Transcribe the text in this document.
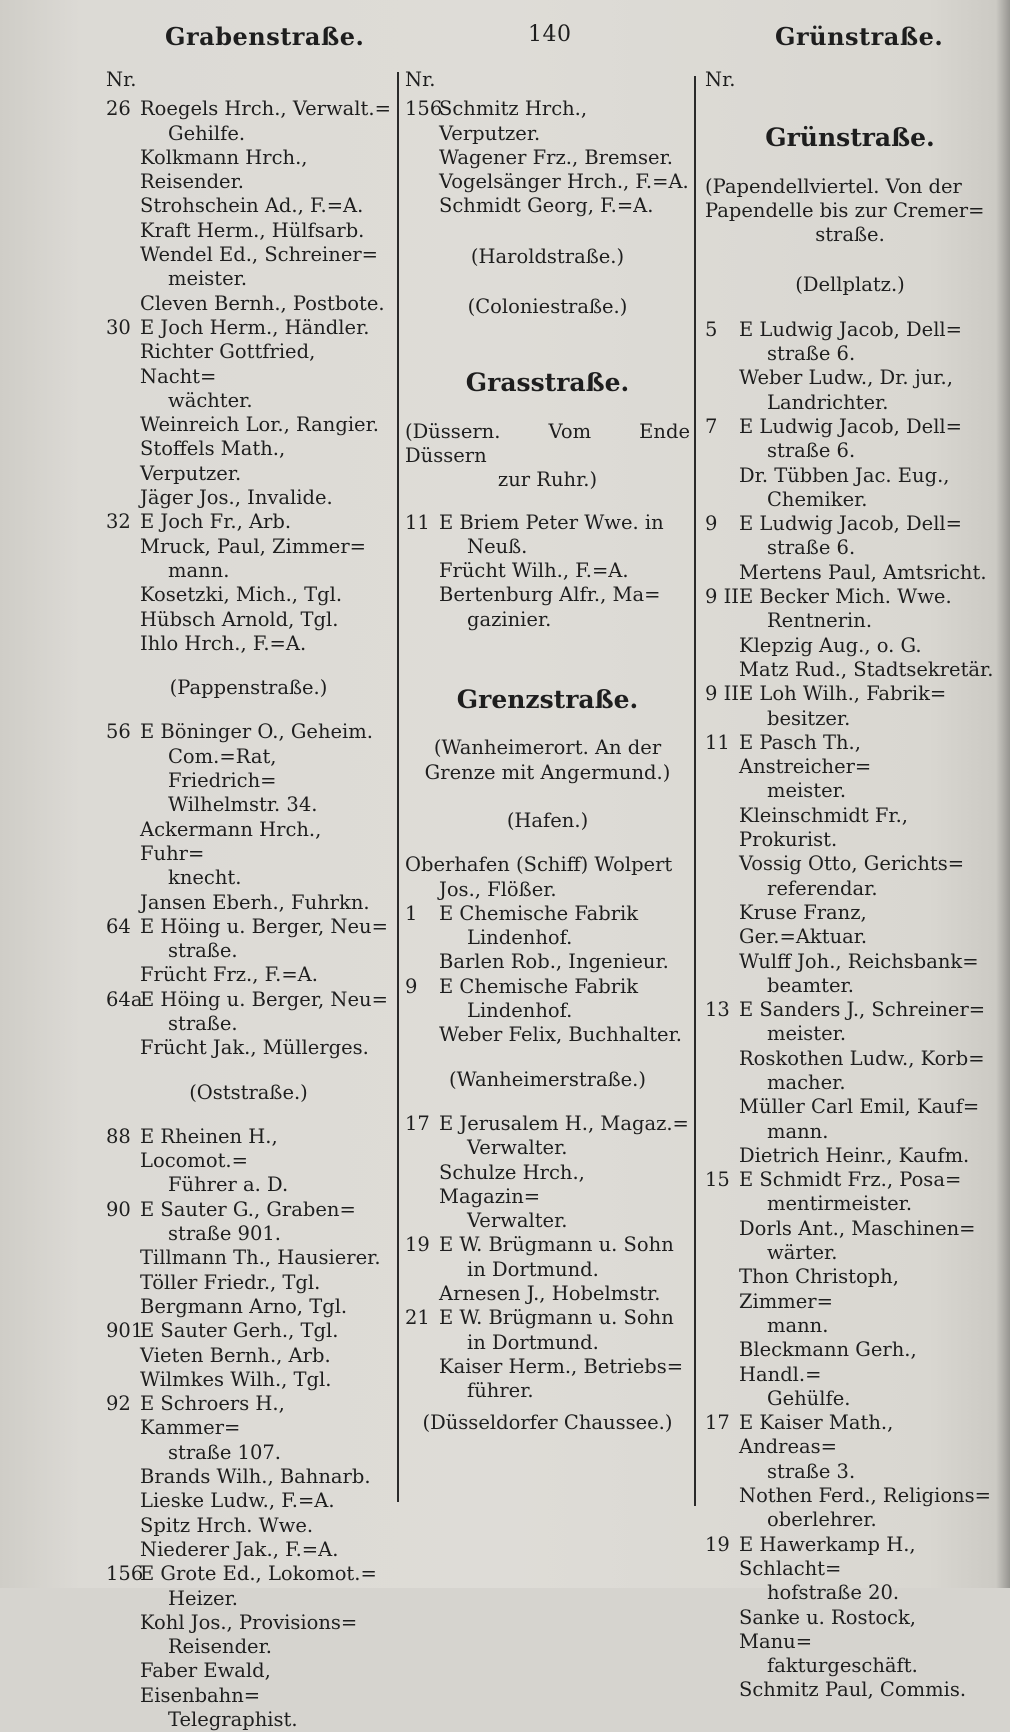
Grabenstraße.	140	Grünstraße.
Nr.
26 Roegels Hrch., Verwalt.=
Gehilfe.
Kolkmann Hrch., Reisender.
Strohschein Ad., F.=A.
Kraft Herm., Hülfsarb.
Wendel Ed., Schreiner=
meister.
Cleven Bernh., Postbote.
30 E Joch Herm., Händler.
Richter Gottfried, Nacht=
wächter.
Weinreich Lor., Rangier.
Stoffels Math., Verputzer.
Jäger Jos., Invalide.
32 E Joch Fr., Arb.
Mruck, Paul, Zimmer=
mann.
Kosetzki, Mich., Tgl.
Hübsch Arnold, Tgl.
Ihlo Hrch., F.=A.
(Pappenstraße.)
56 E Böninger O., Geheim.
Com.=Rat, Friedrich=
Wilhelmstr. 34.
Ackermann Hrch., Fuhr=
knecht.
Jansen Eberh., Fuhrkn.
64 E Höing u. Berger, Neu=
straße.
Frücht Frz., F.=A.
64a
E Höing u. Berger, Neu=
straße.
Frücht Jak., Müllerges.
(Oststraße.)
88 E Rheinen H., Locomot.=
Führer a. D.
90 E Sauter G., Graben=
straße 901.
Tillmann Th., Hausierer.
Töller Friedr., Tgl.
Bergmann Arno, Tgl.
901
E Sauter Gerh., Tgl.
Vieten Bernh., Arb.
Wilmkes Wilh., Tgl.
92 E Schroers H., Kammer=
straße 107.
Brands Wilh., Bahnarb.
Lieske Ludw., F.=A.
Spitz Hrch. Wwe.
Niederer Jak., F.=A.
156
E Grote Ed., Lokomot.=
Heizer.
Kohl Jos., Provisions=
Reisender.
Faber Ewald, Eisenbahn=
Telegraphist.
Nr.
156
Schmitz Hrch., Verputzer.
Wagener Frz., Bremser.
Vogelsänger Hrch., F.=A.
Schmidt Georg, F.=A.
(Haroldstraße.)
(Coloniestraße.)
Grasstraße.
(Düssern. Vom Ende Düssern
zur Ruhr.)
11 E Briem Peter Wwe. in
Neuß.
Frücht Wilh., F.=A.
Bertenburg Alfr., Ma=
gazinier.
Grenzstraße.
(Wanheimerort. An der
Grenze mit Angermund.)
(Hafen.)
Oberhafen (Schiff) Wolpert
Jos., Flößer.
1 E Chemische Fabrik
Lindenhof.
Barlen Rob., Ingenieur.
9 E Chemische Fabrik
Lindenhof.
Weber Felix, Buchhalter.
(Wanheimerstraße.)
17 E Jerusalem H., Magaz.=
Verwalter.
Schulze Hrch., Magazin=
Verwalter.
19 E W. Brügmann u. Sohn
in Dortmund.
Arnesen J., Hobelmstr.
21 E W. Brügmann u. Sohn
in Dortmund.
Kaiser Herm., Betriebs=
führer.
(Düsseldorfer Chaussee.)
Nr.
Grünstraße.
(Papendellviertel. Von der
Papendelle bis zur Cremer=
straße.
(Dellplatz.)
5 E Ludwig Jacob, Dell=
straße 6.
Weber Ludw., Dr. jur.,
Landrichter.
7 E Ludwig Jacob, Dell=
straße 6.
Dr. Tübben Jac. Eug.,
Chemiker.
9 E Ludwig Jacob, Dell=
straße 6.
Mertens Paul, Amtsricht.
9 II E Becker Mich. Wwe.
Rentnerin.
Klepzig Aug., o. G.
Matz Rud., Stadtsekretär.
9 III
E Loh Wilh., Fabrik=
besitzer.
11 E Pasch Th., Anstreicher=
meister.
Kleinschmidt Fr., Prokurist.
Vossig Otto, Gerichts=
referendar.
Kruse Franz, Ger.=Aktuar.
Wulff Joh., Reichsbank=
beamter.
13 E Sanders J., Schreiner=
meister.
Roskothen Ludw., Korb=
macher.
Müller Carl Emil, Kauf=
mann.
Dietrich Heinr., Kaufm.
15 E Schmidt Frz., Posa=
mentirmeister.
Dorls Ant., Maschinen=
wärter.
Thon Christoph, Zimmer=
mann.
Bleckmann Gerh., Handl.=
Gehülfe.
17 E Kaiser Math., Andreas=
straße 3.
Nothen Ferd., Religions=
oberlehrer.
19 E Hawerkamp H., Schlacht=
hofstraße 20.
Sanke u. Rostock, Manu=
fakturgeschäft.
Schmitz Paul, Commis.
